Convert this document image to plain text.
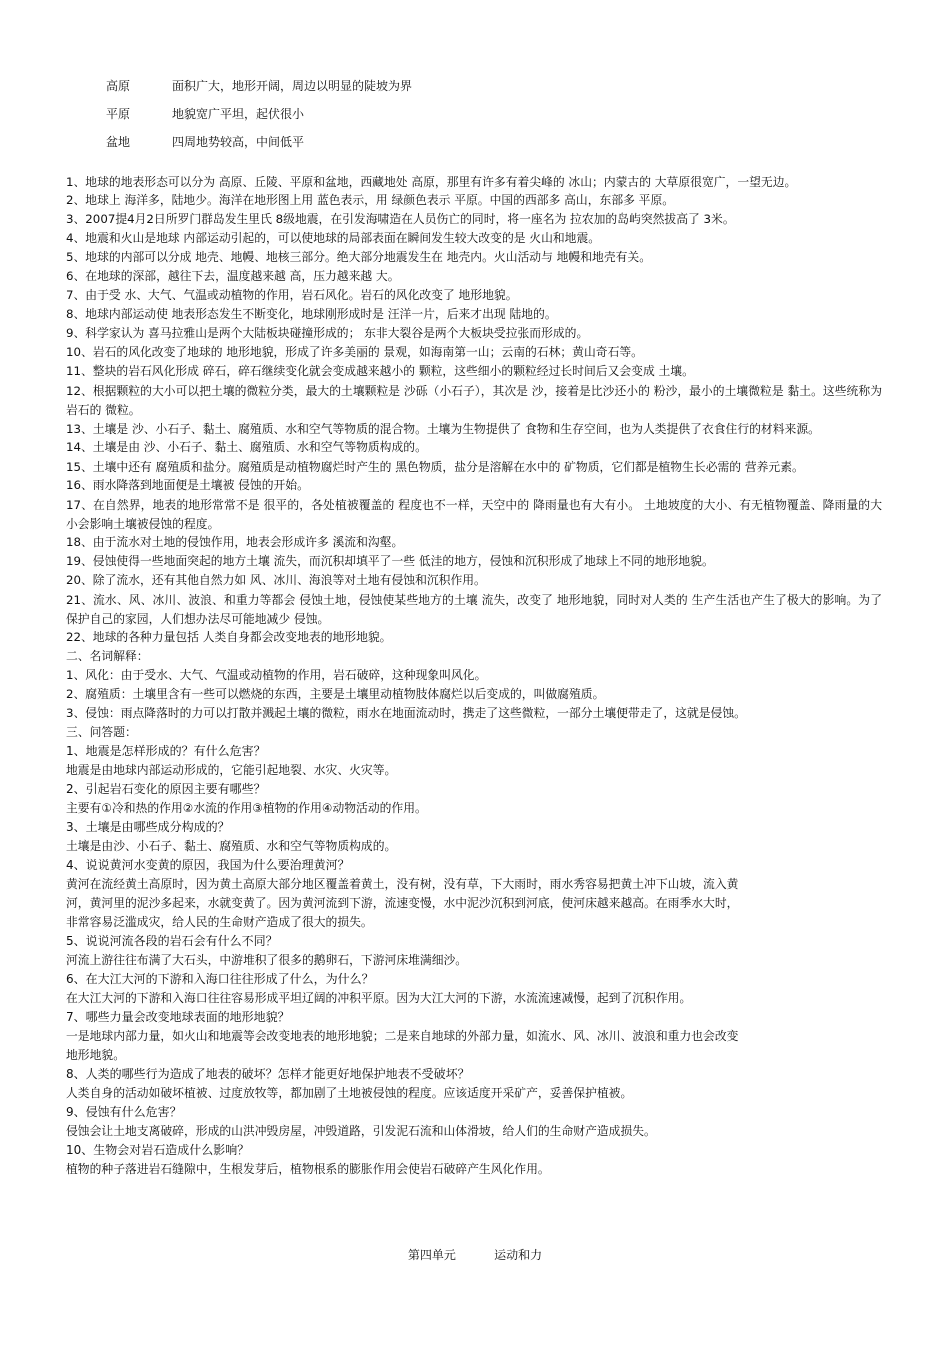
高原	面积广大，地形开阔，周边以明显的陡坡为界
平原	地貌宽广平坦，起伏很小
盆地	四周地势较高，中间低平
1、地球的地表形态可以分为 高原、丘陵、平原和盆地，西藏地处 高原，那里有许多有着尖峰的 冰山；内蒙古的 大草原很宽广，一望无边。
2、地球上 海洋多，陆地少。海洋在地形图上用 蓝色表示，用 绿颜色表示 平原。中国的西部多 高山，东部多 平原。
3、2007提4月2日所罗门群岛发生里氏 8级地震，在引发海啸造在人员伤亡的同时，将一座名为 拉农加的岛屿突然拔高了 3米。
4、地震和火山是地球 内部运动引起的，可以使地球的局部表面在瞬间发生较大改变的是 火山和地震。
5、地球的内部可以分成 地壳、地幔、地核三部分。绝大部分地震发生在 地壳内。火山活动与 地幔和地壳有关。
6、在地球的深部，越往下去，温度越来越 高，压力越来越 大。
7、由于受 水、大气、气温或动植物的作用，岩石风化。岩石的风化改变了 地形地貌。
8、地球内部运动使 地表形态发生不断变化，地球刚形成时是 汪洋一片，后来才出现 陆地的。
9、科学家认为 喜马拉雅山是两个大陆板块碰撞形成的； 东非大裂谷是两个大板块受拉张而形成的。
10、岩石的风化改变了地球的 地形地貌，形成了许多美丽的 景观，如海南第一山；云南的石林；黄山奇石等。
11、整块的岩石风化形成 碎石，碎石继续变化就会变成越来越小的 颗粒，这些细小的颗粒经过长时间后又会变成 土壤。
12、根据颗粒的大小可以把土壤的微粒分类，最大的土壤颗粒是 沙砾（小石子），其次是 沙，接着是比沙还小的 粉沙，最小的土壤微粒是 黏土。这些统称为岩石的 微粒。
13、土壤是 沙、小石子、黏土、腐殖质、水和空气等物质的混合物。土壤为生物提供了 食物和生存空间，也为人类提供了衣食住行的材料来源。
14、土壤是由 沙、小石子、黏土、腐殖质、水和空气等物质构成的。
15、土壤中还有 腐殖质和盐分。腐殖质是动植物腐烂时产生的 黑色物质，盐分是溶解在水中的 矿物质，它们都是植物生长必需的 营养元素。
16、雨水降落到地面便是土壤被 侵蚀的开始。
17、在自然界，地表的地形常常不是 很平的，各处植被覆盖的 程度也不一样，天空中的 降雨量也有大有小。 土地坡度的大小、有无植物覆盖、降雨量的大小会影响土壤被侵蚀的程度。
18、由于流水对土地的侵蚀作用，地表会形成许多 溪流和沟壑。
19、侵蚀使得一些地面突起的地方土壤 流失，而沉积却填平了一些 低洼的地方，侵蚀和沉积形成了地球上不同的地形地貌。
20、除了流水，还有其他自然力如 风、冰川、海浪等对土地有侵蚀和沉积作用。
21、流水、风、冰川、波浪、和重力等都会 侵蚀土地，侵蚀使某些地方的土壤 流失，改变了 地形地貌，同时对人类的 生产生活也产生了极大的影响。为了保护自己的家园，人们想办法尽可能地减少 侵蚀。
22、地球的各种力量包括 人类自身都会改变地表的地形地貌。
二、名词解释：
1、风化：由于受水、大气、气温或动植物的作用，岩石破碎，这种现象叫风化。
2、腐殖质：土壤里含有一些可以燃烧的东西，主要是土壤里动植物肢体腐烂以后变成的，叫做腐殖质。
3、侵蚀：雨点降落时的力可以打散并溅起土壤的微粒，雨水在地面流动时，携走了这些微粒，一部分土壤便带走了，这就是侵蚀。
三、问答题：
1、地震是怎样形成的？有什么危害？
地震是由地球内部运动形成的，它能引起地裂、水灾、火灾等。
2、引起岩石变化的原因主要有哪些？
主要有①冷和热的作用②水流的作用③植物的作用④动物活动的作用。
3、土壤是由哪些成分构成的？
土壤是由沙、小石子、黏土、腐殖质、水和空气等物质构成的。
4、说说黄河水变黄的原因，我国为什么要治理黄河？
黄河在流经黄土高原时，因为黄土高原大部分地区覆盖着黄土，没有树，没有草，下大雨时，雨水秀容易把黄土冲下山坡，流入黄
河，黄河里的泥沙多起来，水就变黄了。因为黄河流到下游，流速变慢，水中泥沙沉积到河底，使河床越来越高。在雨季水大时，
非常容易泛滥成灾，给人民的生命财产造成了很大的损失。
5、说说河流各段的岩石会有什么不同？
河流上游往往布满了大石头，中游堆积了很多的鹅卵石，下游河床堆满细沙。
6、在大江大河的下游和入海口往往形成了什么，为什么？
在大江大河的下游和入海口往往容易形成平坦辽阔的冲积平原。因为大江大河的下游，水流流速减慢，起到了沉积作用。
7、哪些力量会改变地球表面的地形地貌？
一是地球内部力量，如火山和地震等会改变地表的地形地貌；二是来自地球的外部力量，如流水、风、冰川、波浪和重力也会改变
地形地貌。
8、人类的哪些行为造成了地表的破坏？怎样才能更好地保护地表不受破坏？
人类自身的活动如破坏植被、过度放牧等，都加剧了土地被侵蚀的程度。应该适度开采矿产，妥善保护植被。
9、侵蚀有什么危害？
侵蚀会让土地支离破碎，形成的山洪冲毁房屋，冲毁道路，引发泥石流和山体滑坡，给人们的生命财产造成损失。
10、生物会对岩石造成什么影响？
植物的种子落进岩石缝隙中，生根发芽后，植物根系的膨胀作用会使岩石破碎产生风化作用。
第四单元	运动和力
